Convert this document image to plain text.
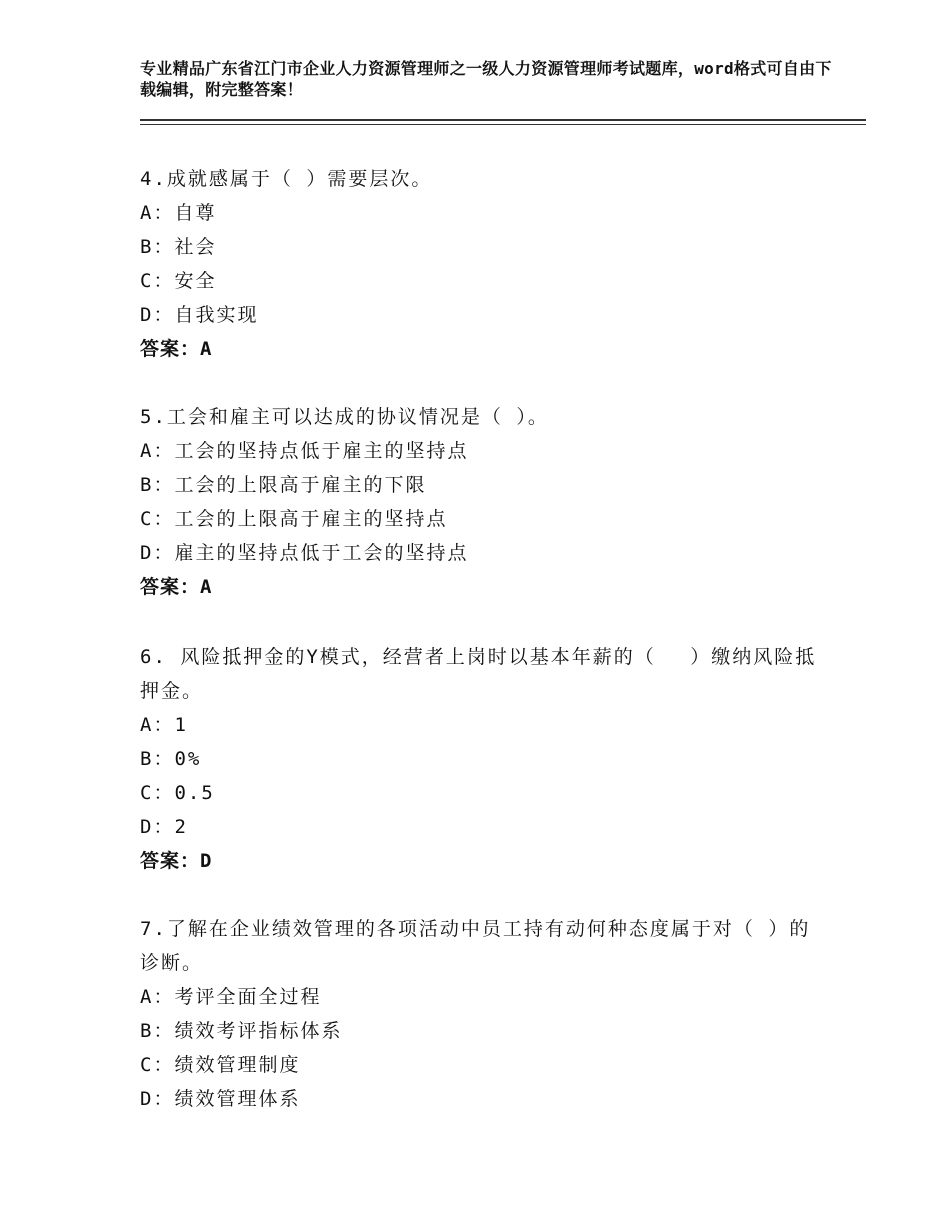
专业精品广东省江门市企业人力资源管理师之一级人力资源管理师考试题库，word格式可自由下载编辑，附完整答案！

4.成就感属于（ ）需要层次。

A：自尊

B：社会

C：安全

D：自我实现

答案：A

5.工会和雇主可以达成的协议情况是（ ）。

A：工会的坚持点低于雇主的坚持点

B：工会的上限高于雇主的下限

C：工会的上限高于雇主的坚持点

D：雇主的坚持点低于工会的坚持点

答案：A

6. 风险抵押金的Y模式，经营者上岗时以基本年薪的（　 ）缴纳风险抵押金。

A：1

B：0%

C：0.5

D：2

答案：D

7.了解在企业绩效管理的各项活动中员工持有动何种态度属于对（ ）的诊断。

A：考评全面全过程

B：绩效考评指标体系

C：绩效管理制度

D：绩效管理体系
